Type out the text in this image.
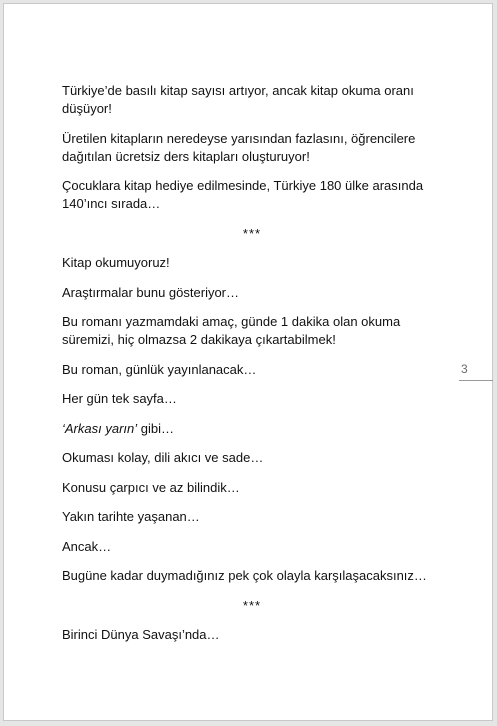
Türkiye’de basılı kitap sayısı artıyor, ancak kitap okuma oranı düşüyor!

Üretilen kitapların neredeyse yarısından fazlasını, öğrencilere dağıtılan ücretsiz ders kitapları oluşturuyor!

Çocuklara kitap hediye edilmesinde, Türkiye 180 ülke arasında 140’ıncı sırada…

***

Kitap okumuyoruz!

Araştırmalar bunu gösteriyor…

Bu romanı yazmamdaki amaç, günde 1 dakika olan okuma süremizi, hiç olmazsa 2 dakikaya çıkartabilmek!

Bu roman, günlük yayınlanacak…

Her gün tek sayfa…

‘Arkası yarın’ gibi…

Okuması kolay, dili akıcı ve sade…

Konusu çarpıcı ve az bilindik…

Yakın tarihte yaşanan…

Ancak…

Bugüne kadar duymadığınız pek çok olayla karşılaşacaksınız…

***

Birinci Dünya Savaşı’nda…

3
